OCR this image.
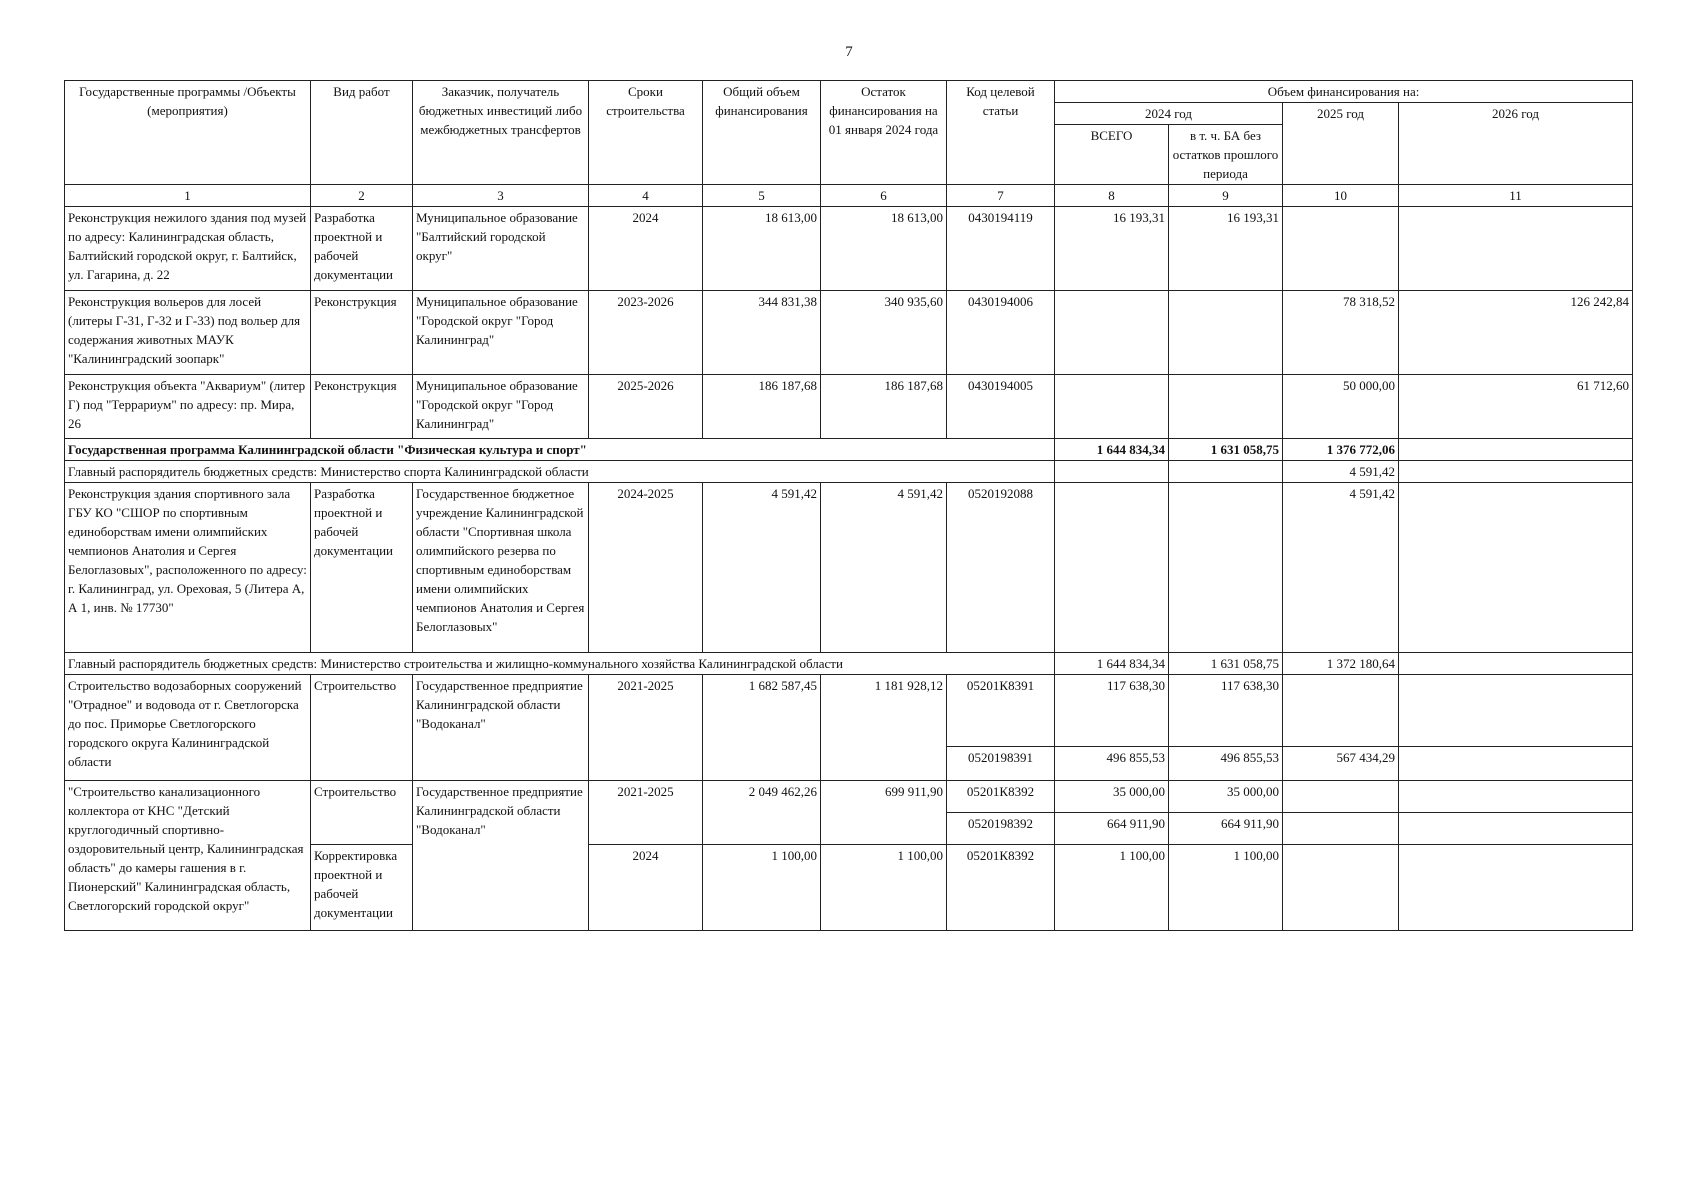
7
Государственные программы /Объекты (мероприятия)	Вид работ	Заказчик, получатель бюджетных инвестиций либо межбюджетных трансфертов	Сроки строительства	Общий объем финансирования	Остаток финансирования на 01 января 2024 года	Код целевой статьи	Объем финансирования на:			
							2024 год		2025 год	2026 год
							ВСЕГО	в т. ч. БА без остатков прошлого периода		
1	2	3	4	5	6	7	8	9	10	11
Реконструкция нежилого здания под музей по адресу: Калининградская область, Балтийский городской округ, г. Балтийск, ул. Гагарина, д. 22	Разработка проектной и рабочей документации	Муниципальное образование "Балтийский городской округ"	2024	18 613,00	18 613,00	0430194119	16 193,31	16 193,31		
Реконструкция вольеров для лосей (литеры Г-31, Г-32 и Г-33) под вольер для содержания животных МАУК "Калининградский зоопарк"	Реконструкция	Муниципальное образование "Городской округ "Город Калининград"	2023-2026	344 831,38	340 935,60	0430194006			78 318,52	126 242,84
Реконструкция объекта "Аквариум" (литер Г) под "Террариум" по адресу: пр. Мира, 26	Реконструкция	Муниципальное образование "Городской округ "Город Калининград"	2025-2026	186 187,68	186 187,68	0430194005			50 000,00	61 712,60
Государственная программа Калининградской области "Физическая культура и спорт"							1 644 834,34	1 631 058,75	1 376 772,06	
Главный распорядитель бюджетных средств: Министерство спорта Калининградской области									4 591,42	
Реконструкция здания спортивного зала ГБУ КО "СШОР по спортивным единоборствам имени олимпийских чемпионов Анатолия и Сергея Белоглазовых", расположенного по адресу: г. Калининград, ул. Ореховая, 5 (Литера А, А 1, инв. № 17730"	Разработка проектной и рабочей документации	Государственное бюджетное учреждение Калининградской области "Спортивная школа олимпийского резерва по спортивным единоборствам имени олимпийских чемпионов Анатолия и Сергея Белоглазовых"	2024-2025	4 591,42	4 591,42	0520192088			4 591,42	
Главный распорядитель бюджетных средств: Министерство строительства и жилищно-коммунального хозяйства Калининградской области							1 644 834,34	1 631 058,75	1 372 180,64	
Строительство водозаборных сооружений "Отрадное" и водовода от г. Светлогорска до пос. Приморье Светлогорского городского округа Калининградской области	Строительство	Государственное предприятие Калининградской области "Водоканал"	2021-2025	1 682 587,45	1 181 928,12	05201К8391	117 638,30	117 638,30		
						0520198391	496 855,53	496 855,53	567 434,29	
"Строительство канализационного коллектора от КНС "Детский круглогодичный спортивно-оздоровительный центр, Калининградская область" до камеры гашения в г. Пионерский" Калининградская область, Светлогорский городской округ"	Строительство	Государственное предприятие Калининградской области "Водоканал"	2021-2025	2 049 462,26	699 911,90	05201К8392	35 000,00	35 000,00		
						0520198392	664 911,90	664 911,90		
	Корректировка проектной и рабочей документации		2024	1 100,00	1 100,00	05201К8392	1 100,00	1 100,00		
